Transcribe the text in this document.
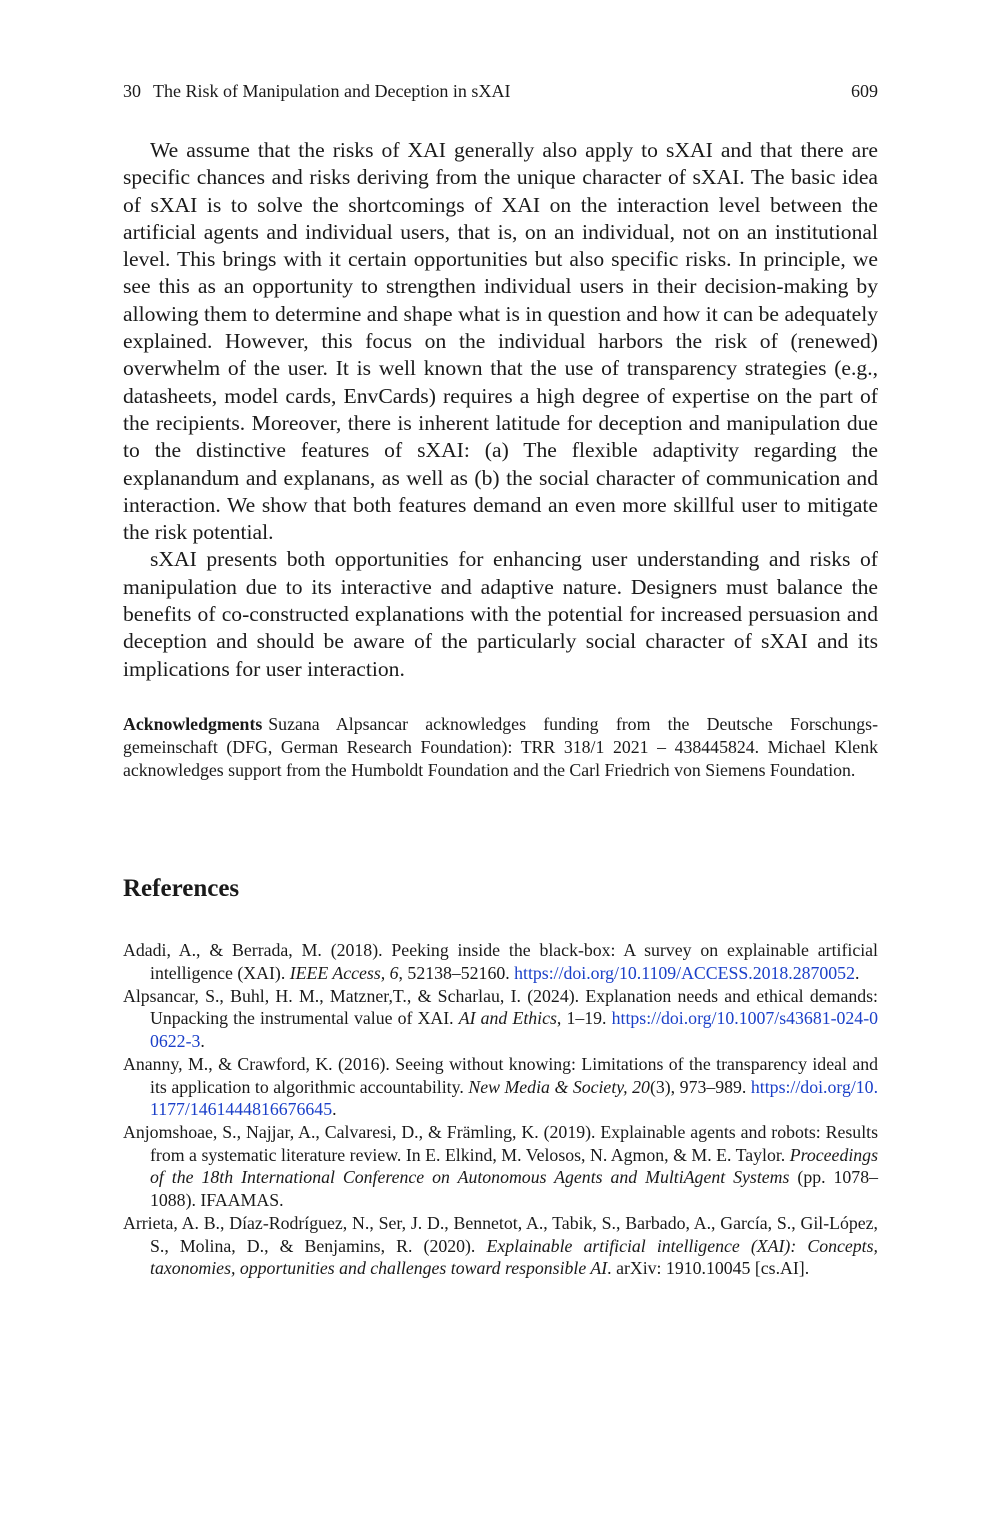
30 The Risk of Manipulation and Deception in sXAI	609

We assume that the risks of XAI generally also apply to sXAI and that there are specific chances and risks deriving from the unique character of sXAI. The basic idea of sXAI is to solve the shortcomings of XAI on the interaction level between the artificial agents and individual users, that is, on an individual, not on an institutional level. This brings with it certain opportunities but also specific risks. In principle, we see this as an opportunity to strengthen individual users in their decision-making by allowing them to determine and shape what is in question and how it can be adequately explained. However, this focus on the individual harbors the risk of (renewed) overwhelm of the user. It is well known that the use of transparency strategies (e.g., datasheets, model cards, EnvCards) requires a high degree of expertise on the part of the recipients. Moreover, there is inherent latitude for deception and manipulation due to the distinctive features of sXAI: (a) The flexible adaptivity regarding the explanandum and explanans, as well as (b) the social character of communication and interaction. We show that both features demand an even more skillful user to mitigate the risk potential.

sXAI presents both opportunities for enhancing user understanding and risks of manipulation due to its interactive and adaptive nature. Designers must balance the benefits of co-constructed explanations with the potential for increased persuasion and deception and should be aware of the particularly social character of sXAI and its implications for user interaction.

Acknowledgments Suzana Alpsancar acknowledges funding from the Deutsche Forschungs-gemeinschaft (DFG, German Research Foundation): TRR 318/1 2021 – 438445824. Michael Klenk acknowledges support from the Humboldt Foundation and the Carl Friedrich von Siemens Foundation.
References
Adadi, A., & Berrada, M. (2018). Peeking inside the black-box: A survey on explainable artificial intelligence (XAI). IEEE Access, 6, 52138–52160. https://doi.org/10.1109/ACCESS.2018.2870052.
Alpsancar, S., Buhl, H. M., Matzner,T., & Scharlau, I. (2024). Explanation needs and ethical demands: Unpacking the instrumental value of XAI. AI and Ethics, 1–19. https://doi.org/10.1007/s43681-024-00622-3.
Ananny, M., & Crawford, K. (2016). Seeing without knowing: Limitations of the transparency ideal and its application to algorithmic accountability. New Media & Society, 20(3), 973–989. https://doi.org/10.1177/1461444816676645.
Anjomshoae, S., Najjar, A., Calvaresi, D., & Främling, K. (2019). Explainable agents and robots: Results from a systematic literature review. In E. Elkind, M. Velosos, N. Agmon, & M. E. Taylor. Proceedings of the 18th International Conference on Autonomous Agents and MultiAgent Systems (pp. 1078–1088). IFAAMAS.
Arrieta, A. B., Díaz-Rodríguez, N., Ser, J. D., Bennetot, A., Tabik, S., Barbado, A., García, S., Gil-López, S., Molina, D., & Benjamins, R. (2020). Explainable artificial intelligence (XAI): Concepts, taxonomies, opportunities and challenges toward responsible AI. arXiv: 1910.10045 [cs.AI].
